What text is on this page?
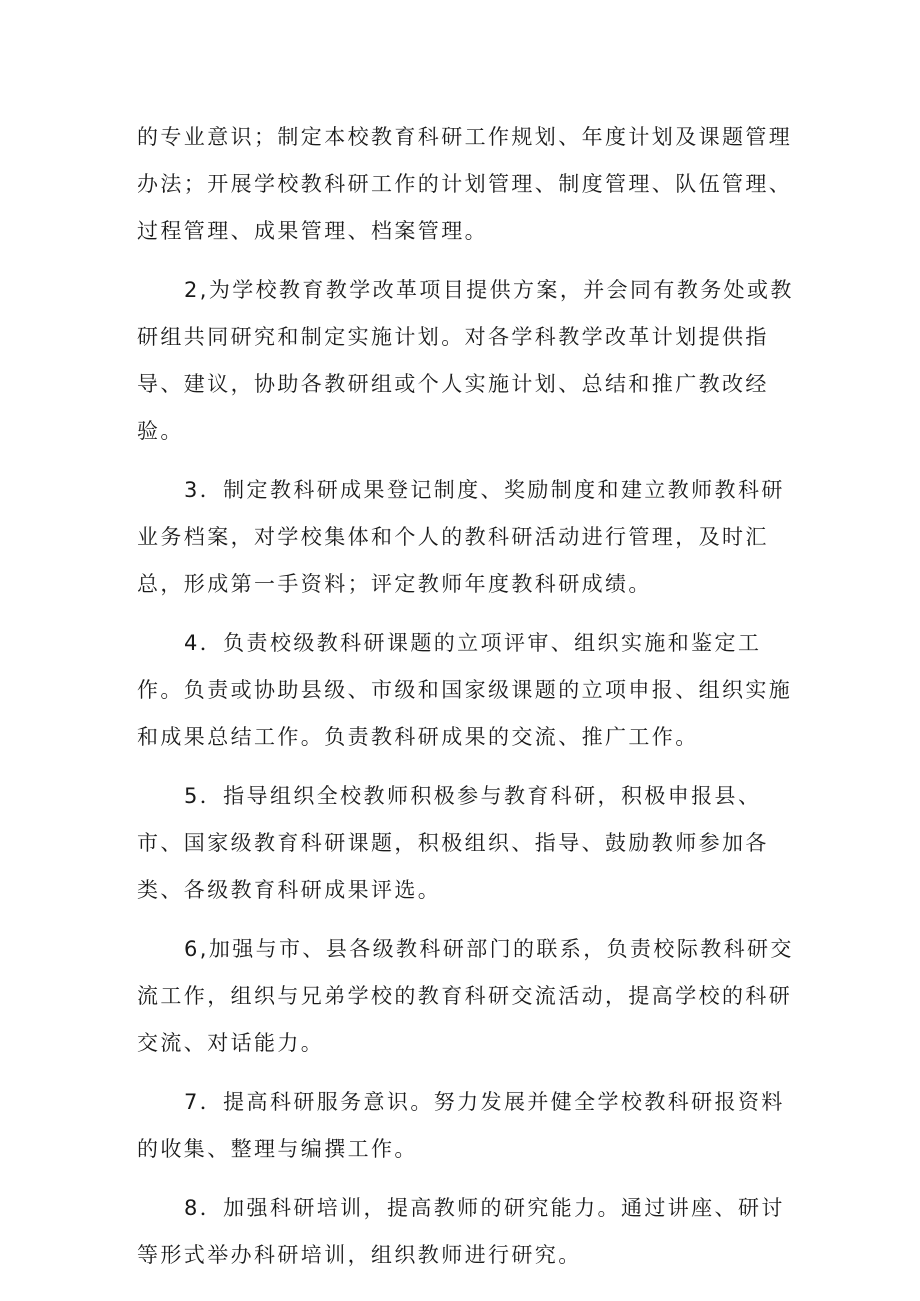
的专业意识；制定本校教育科研工作规划、年度计划及课题管理办法；开展学校教科研工作的计划管理、制度管理、队伍管理、过程管理、成果管理、档案管理。

2,为学校教育教学改革项目提供方案，并会同有教务处或教研组共同研究和制定实施计划。对各学科教学改革计划提供指导、建议，协助各教研组或个人实施计划、总结和推广教改经验。

3．制定教科研成果登记制度、奖励制度和建立教师教科研业务档案，对学校集体和个人的教科研活动进行管理，及时汇总，形成第一手资料；评定教师年度教科研成绩。

4．负责校级教科研课题的立项评审、组织实施和鉴定工作。负责或协助县级、市级和国家级课题的立项申报、组织实施和成果总结工作。负责教科研成果的交流、推广工作。

5．指导组织全校教师积极参与教育科研，积极申报县、市、国家级教育科研课题，积极组织、指导、鼓励教师参加各类、各级教育科研成果评选。

6,加强与市、县各级教科研部门的联系，负责校际教科研交流工作，组织与兄弟学校的教育科研交流活动，提高学校的科研交流、对话能力。

7．提高科研服务意识。努力发展并健全学校教科研报资料的收集、整理与编撰工作。

8．加强科研培训，提高教师的研究能力。通过讲座、研讨等形式举办科研培训，组织教师进行研究。
